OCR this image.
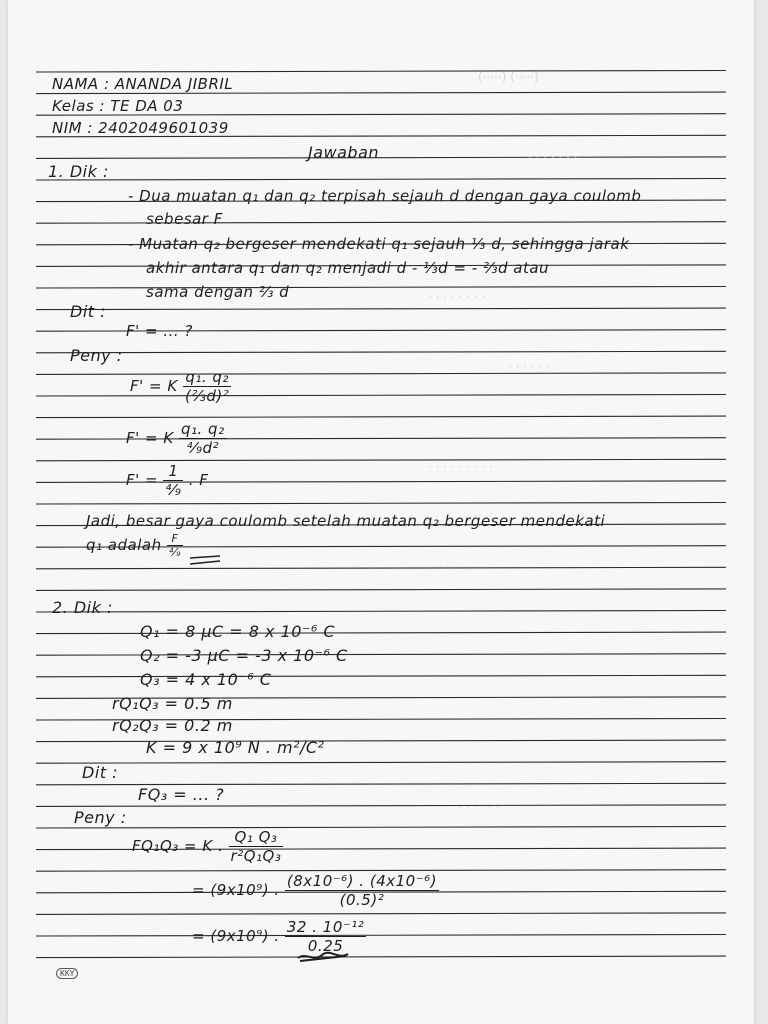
(·····) (·····)
· · · · · · ·
· · · · · · · ·
· · · · · ·
· · · · · · · · ·
· · · · · · ·
· · · · · ·
NAMA : ANANDA JIBRIL
Kelas : TE DA 03
NIM : 2402049601039
Jawaban
1. Dik :
- Dua muatan q₁ dan q₂ terpisah sejauh d dengan gaya coulomb
sebesar F
- Muatan q₂ bergeser mendekati q₁ sejauh ⅓ d, sehingga jarak
akhir antara q₁ dan q₂ menjadi d - ⅓d = - ⅔d atau
sama dengan ⅔ d
Dit :
F' = ... ?
Peny :
F' = K $\frac{\text{q₁. q₂}}{\text{(⅔d)²}}$
F' = K $\frac{\text{q₁. q₂}}{\text{⁴⁄₉d²}}$
$F' = \frac{1}{\text{⁴⁄₉}}$ . F
Jadi, besar gaya coulomb setelah muatan q₂ bergeser mendekati
q₁ adalah $\frac{F}{\text{⁴⁄₉}}$
2. Dik :
Q₁ = 8 μC = 8 x 10⁻⁶ C
Q₂ = -3 μC = -3 x 10⁻⁶ C
Q₃ = 4 x 10⁻⁶ C
rQ₁Q₃ = 0.5 m
rQ₂Q₃ = 0.2 m
K = 9 x 10⁹ N . m²/C²
Dit :
FQ₃ = ... ?
Peny :
FQ₁Q₃ = K . $\frac{\text{Q₁ Q₃}}{\text{r²Q₁Q₃}}$
= (9x10⁹) . $\frac{\text{(8x10⁻⁶) . (4x10⁻⁶)}}{\text{(0.5)²}}$
= (9x10⁹) . $\frac{\text{32 . 10⁻¹²}}{0.25}$
KKY
